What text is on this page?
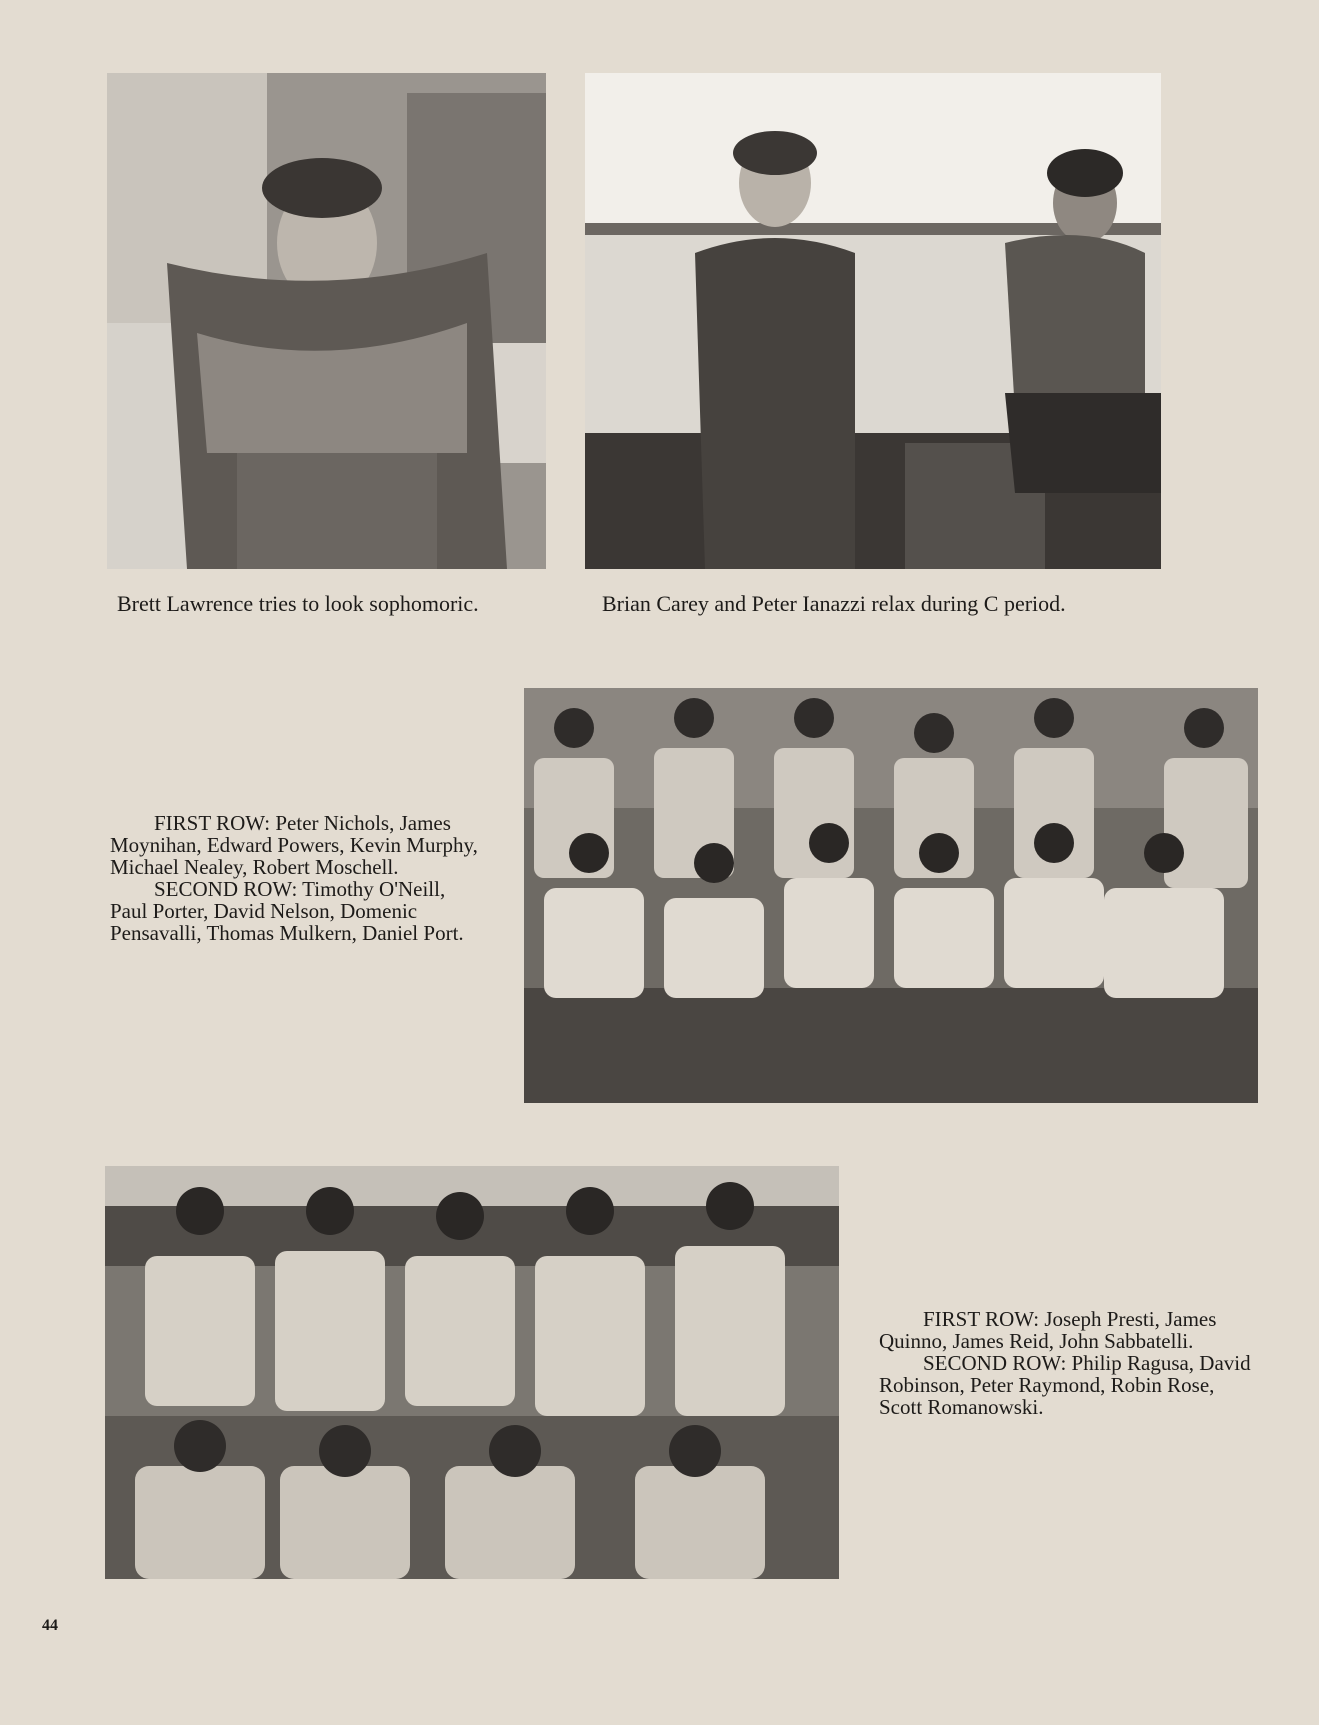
Brett Lawrence tries to look sophomoric.	Brian Carey and Peter Ianazzi relax during C period.

FIRST ROW: Peter Nichols, James Moynihan, Edward Powers, Kevin Murphy, Michael Nealey, Robert Moschell.

SECOND ROW: Timothy O'Neill, Paul Porter, David Nelson, Domenic Pensavalli, Thomas Mulkern, Daniel Port.

FIRST ROW: Joseph Presti, James Quinno, James Reid, John Sabbatelli.

SECOND ROW: Philip Ragusa, David Robinson, Peter Raymond, Robin Rose, Scott Romanowski.

44
